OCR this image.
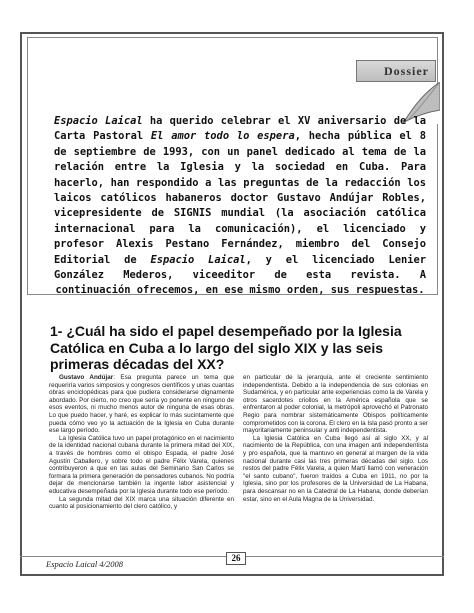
Dossier
Espacio Laical ha querido celebrar el XV aniversario de la Carta Pastoral El amor todo lo espera, hecha pública el 8 de septiembre de 1993, con un panel dedicado al tema de la relación entre la Iglesia y la sociedad en Cuba. Para hacerlo, han respondido a las preguntas de la redacción los laicos católicos habaneros doctor Gustavo Andújar Robles, vicepresidente de SIGNIS mundial (la asociación católica internacional para la comunicación), el licenciado y profesor Alexis Pestano Fernández, miembro del Consejo Editorial de Espacio Laical, y el licenciado Lenier González Mederos, viceeditor de esta revista. A continuación ofrecemos, en ese mismo orden, sus respuestas.
1- ¿Cuál ha sido el papel desempeñado por la Iglesia Católica en Cuba a lo largo del siglo XIX y las seis primeras décadas del XX?

Gustavo Andújar: Esa pregunta parece un tema que requeriría varios simposios y congresos científicos y unas cuantas obras enciclopédicas para que pudiera considerarse dignamente abordado. Por cierto, no creo que sería yo ponente en ninguno de esos eventos, ni mucho menos autor de ninguna de esas obras. Lo que puedo hacer, y haré, es explicar lo más sucintamente que pueda cómo veo yo la actuación de la Iglesia en Cuba durante ese largo período.

La Iglesia Católica tuvo un papel protagónico en el nacimiento de la identidad nacional cubana durante la primera mitad del XIX, a través de hombres como el obispo Espada, el padre José Agustín Caballero, y sobre todo el padre Félix Varela, quienes contribuyeron a que en las aulas del Seminario San Carlos se formara la primera generación de pensadores cubanos. No podría dejar de mencionarse también la ingente labor asistencial y educativa desempeñada por la Iglesia durante todo ese período.

La segunda mitad del XIX marca una situación diferente en cuanto al posicionamiento del clero católico, y

en particular de la jerarquía, ante el creciente sentimiento independentista. Debido a la independencia de sus colonias en Sudamérica, y en particular ante experiencias como la de Varela y otros sacerdotes criollos en la América española que se enfrentaron al poder colonial, la metrópoli aprovechó el Patronato Regio para nombrar sistemáticamente Obispos políticamente comprometidos con la corona. El clero en la Isla pasó pronto a ser mayoritariamente peninsular y anti independentista.

La Iglesia Católica en Cuba llegó así al siglo XX, y al nacimiento de la República, con una imagen anti independentista y pro española, que la mantuvo en general al margen de la vida nacional durante casi las tres primeras décadas del siglo. Los restos del padre Félix Varela, a quien Martí llamó con veneración "el santo cubano", fueron traídos a Cuba en 1911, no por la Iglesia, sino por los profesores de la Universidad de La Habana, para descansar no en la Catedral de La Habana, donde deberían estar, sino en el Aula Magna de la Universidad.

Espacio Laical 4/2008
26
